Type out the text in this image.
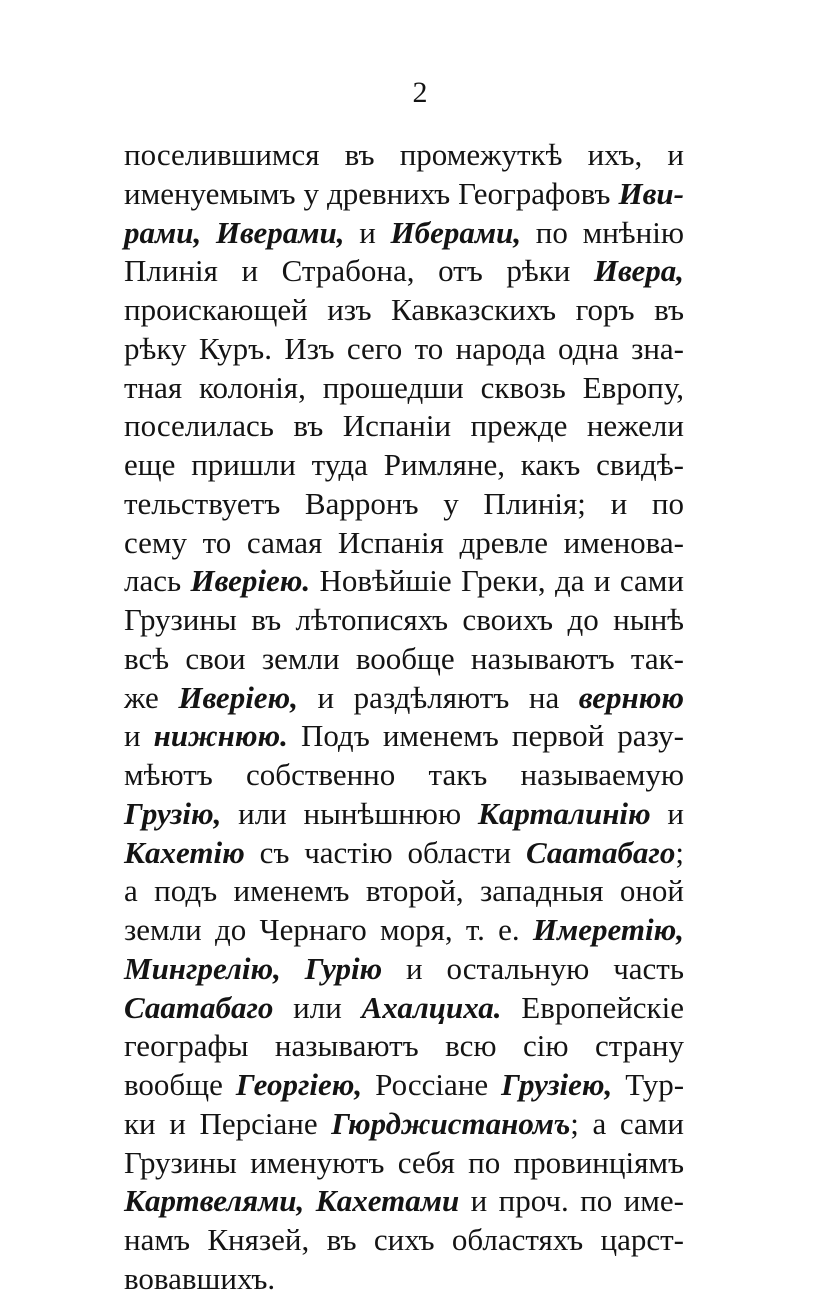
2
поселившимся въ промежуткѣ ихъ, и
именуемымъ у древнихъ Географовъ Иви-
рами, Иверами, и Иберами, по мнѣнію
Плинія и Страбона, отъ рѣки Ивера,
проискающей изъ Кавказскихъ горъ въ
рѣку Куръ. Изъ сего то народа одна зна-
тная колонія, прошедши сквозь Европу,
поселилась въ Испаніи прежде нежели
еще пришли туда Римляне, какъ свидѣ-
тельствуетъ Варронъ у Плинія; и по
сему то самая Испанія древле именова-
лась Иверіею. Новѣйшіе Греки, да и сами
Грузины въ лѣтописяхъ своихъ до нынѣ
всѣ свои земли вообще называютъ так-
же Иверіею, и раздѣляютъ на вернюю
и нижнюю. Подъ именемъ первой разу-
мѣютъ собственно такъ называемую
Грузію, или нынѣшнюю Карталинію и
Кахетію съ частію области Саатабаго;
а подъ именемъ второй, западныя оной
земли до Чернаго моря, т. е. Имеретію,
Мингрелію, Гурію и остальную часть
Саатабаго или Ахалциха. Европейскіе
географы называютъ всю сію страну
вообще Георгіею, Россіане Грузіею, Тур-
ки и Персіане Гюрджистаномъ; а сами
Грузины именуютъ себя по провинціямъ
Картвелями, Кахетами и проч. по име-
намъ Князей, въ сихъ областяхъ царст-
вовавшихъ.
